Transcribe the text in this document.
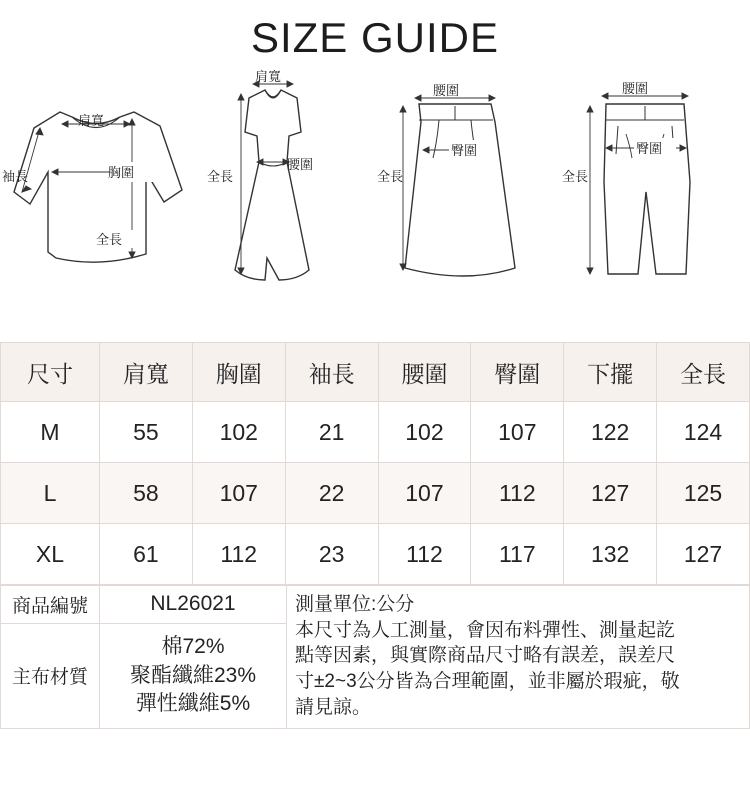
SIZE GUIDE
肩寬
袖長	胸圍
全長
肩寬
腰圍
全長
腰圍
臀圍
全長
腰圍
臀圍
全長
尺寸	肩寬	胸圍	袖長	腰圍	臀圍	下擺	全長
M	55	102	21	102	107	122	124
L	58	107	22	107	112	127	125
XL	61	112	23	112	117	132	127
商品編號	NL26021	測量單位:公分
本尺寸為人工測量，會因布料彈性、測量起訖
點等因素，與實際商品尺寸略有誤差，誤差尺
寸±2~3公分皆為合理範圍，並非屬於瑕疵，敬
請見諒。

主布材質	棉72%
聚酯纖維23%
彈性纖維5%	
